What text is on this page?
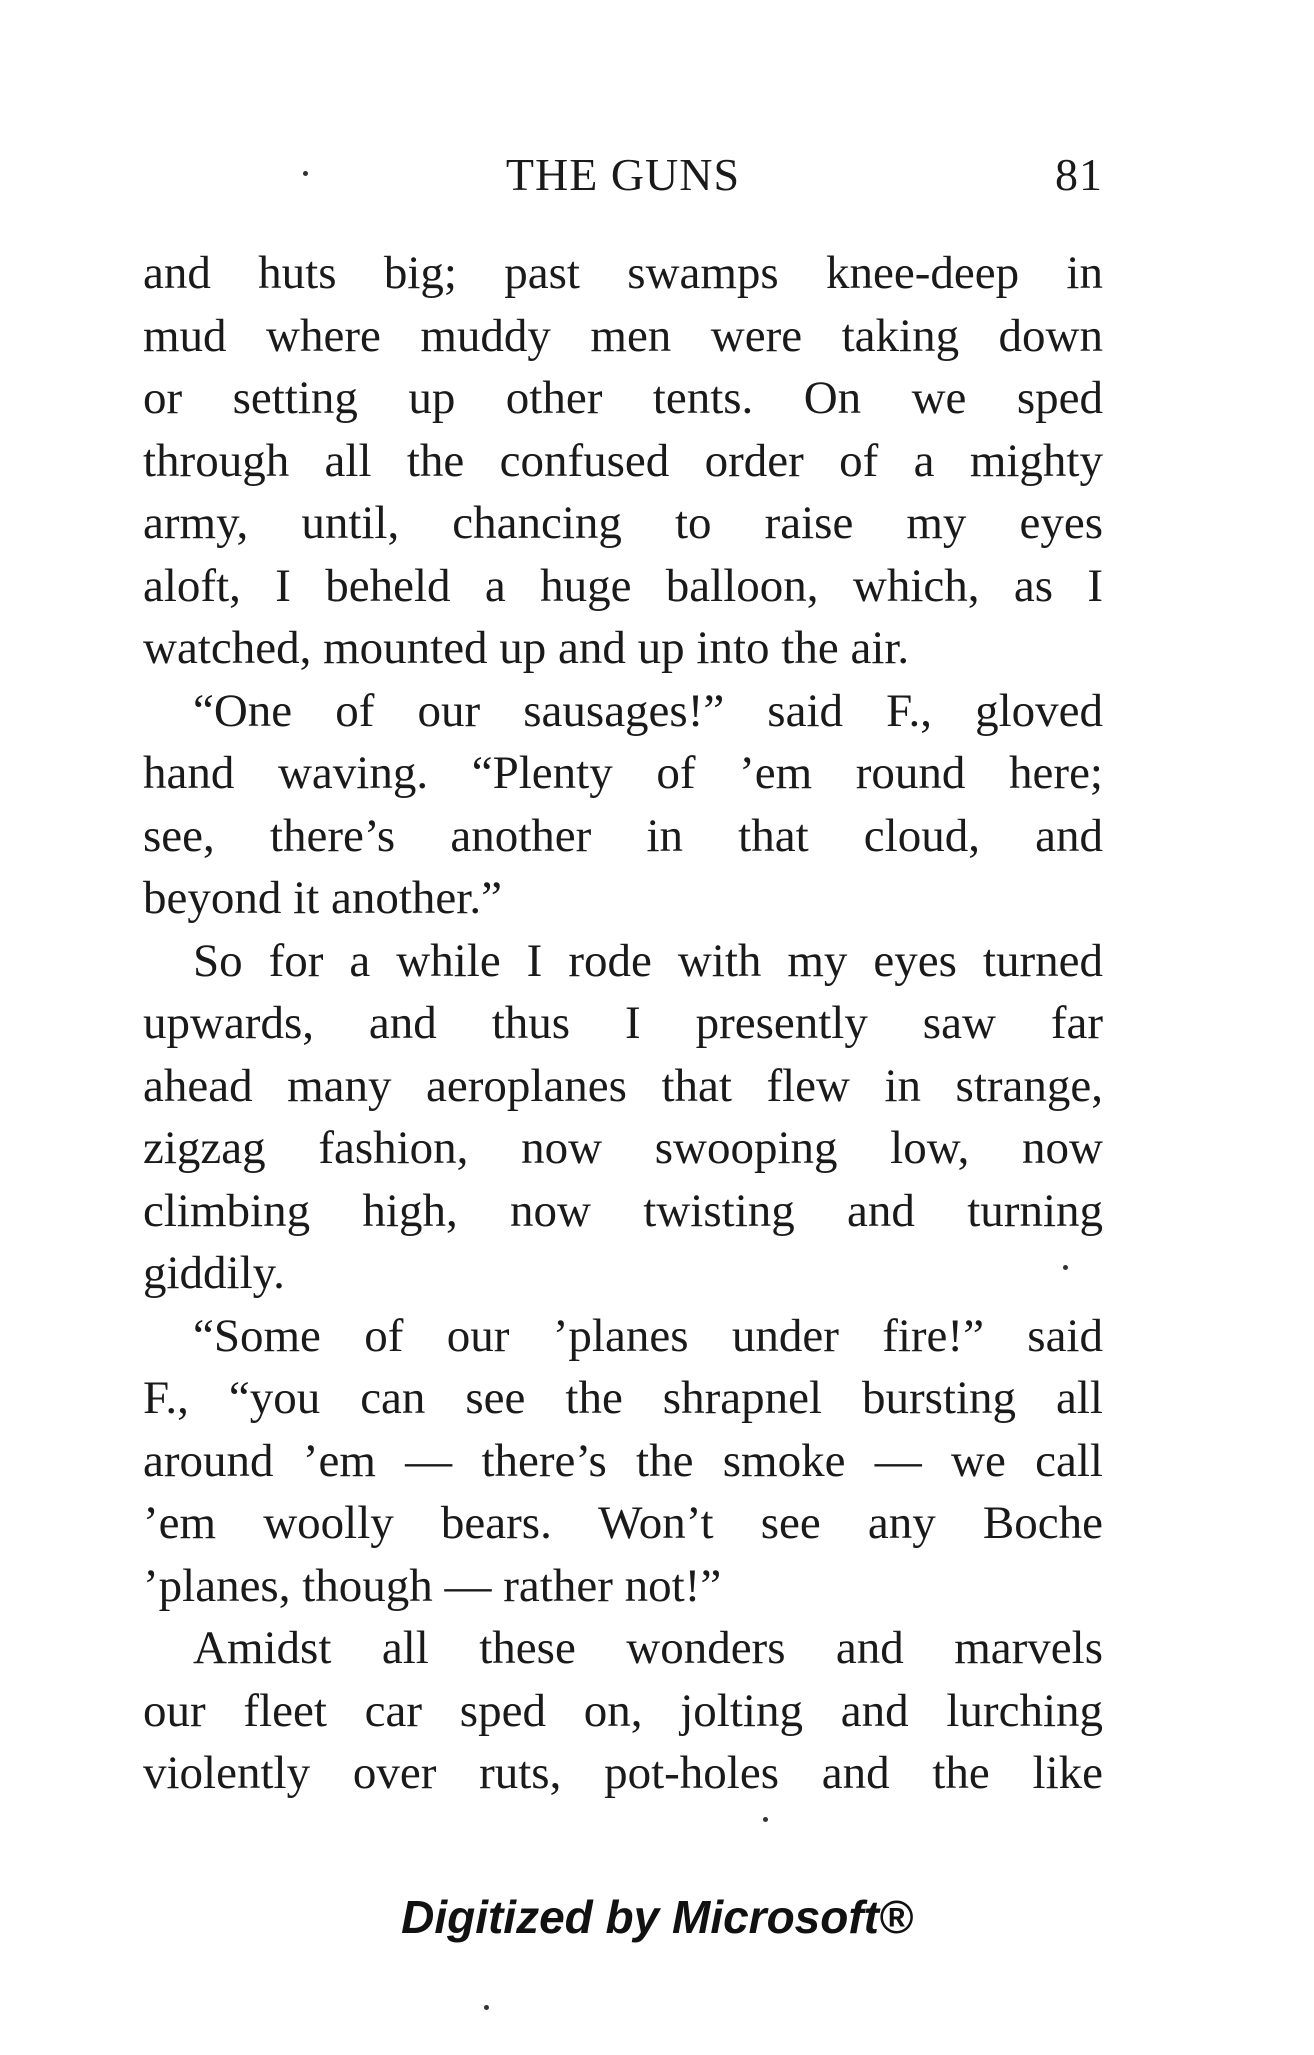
THE GUNS	81
and huts big; past swamps knee-deep in
mud where muddy men were taking down
or setting up other tents. On we sped
through all the confused order of a mighty
army, until, chancing to raise my eyes
aloft, I beheld a huge balloon, which, as I
watched, mounted up and up into the air.
“One of our sausages!” said F., gloved
hand waving. “Plenty of ’em round here;
see, there’s another in that cloud, and
beyond it another.”
So for a while I rode with my eyes turned
upwards, and thus I presently saw far
ahead many aeroplanes that flew in strange,
zigzag fashion, now swooping low, now
climbing high, now twisting and turning
giddily.
“Some of our ’planes under fire!” said
F., “you can see the shrapnel bursting all
around ’em — there’s the smoke — we call
’em woolly bears. Won’t see any Boche
’planes, though — rather not!”
Amidst all these wonders and marvels
our fleet car sped on, jolting and lurching
violently over ruts, pot-holes and the like
Digitized by Microsoft®
